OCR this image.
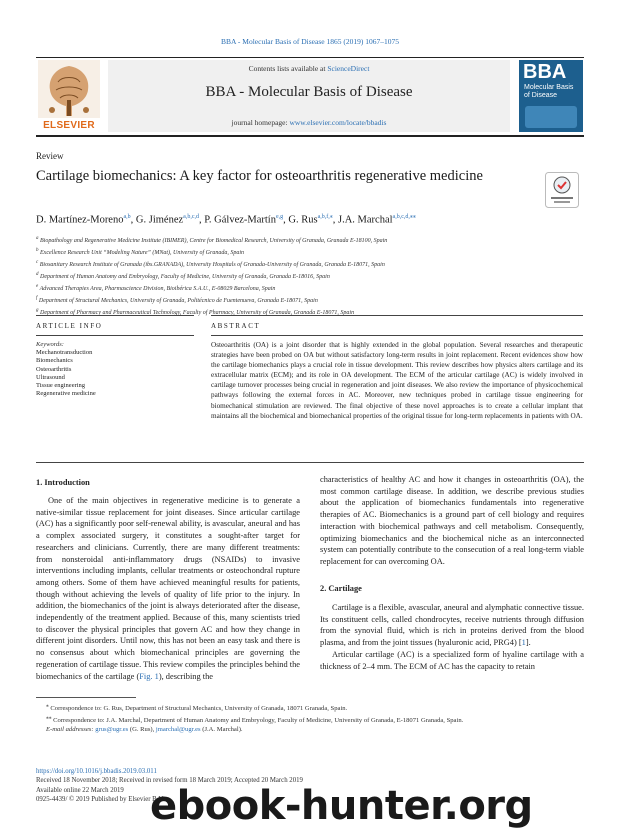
BBA - Molecular Basis of Disease 1865 (2019) 1067–1075
ELSEVIER
Contents lists available at ScienceDirect
BBA - Molecular Basis of Disease
journal homepage: www.elsevier.com/locate/bbadis
BBA
Molecular Basis of Disease
Review
Cartilage biomechanics: A key factor for osteoarthritis regenerative medicine
D. Martínez-Moreno$^{a,b}$, G. Jiménez$^{a,b,c,d}$, P. Gálvez-Martín$^{e,g}$, G. Rus$^{a,b,f,⁎}$, J.A. Marchal$^{a,b,c,d,⁎⁎}$
$^a$ Biopathology and Regenerative Medicine Institute (IBIMER), Centre for Biomedical Research, University of Granada, Granada E-18100, Spain
$^b$ Excellence Research Unit “Modeling Nature” (MNat), University of Granada, Spain
$^c$ Biosanitary Research Institute of Granada (ibs.GRANADA), University Hospitals of Granada-University of Granada, Granada E-18071, Spain
$^d$ Department of Human Anatomy and Embryology, Faculty of Medicine, University of Granada, Granada E-18016, Spain
$^e$ Advanced Therapies Area, Pharmascience Division, Bioibérica S.A.U., E-08029 Barcelona, Spain
$^f$ Department of Structural Mechanics, University of Granada, Politécnico de Fuentenueva, Granada E-18071, Spain
$^g$ Department of Pharmacy and Pharmaceutical Technology, Faculty of Pharmacy, University of Granada, Granada E-18071, Spain
ARTICLE INFO	ABSTRACT
Keywords:
Mechanotransduction
Biomechanics
Osteoarthritis
Ultrasound
Tissue engineering
Regenerative medicine
Osteoarthritis (OA) is a joint disorder that is highly extended in the global population. Several researches and therapeutic strategies have been probed on OA but without satisfactory long-term results in joint replacement. Recent evidences show how the cartilage biomechanics plays a crucial role in tissue development. This review describes how physics alters cartilage and its extracellular matrix (ECM); and its role in OA development. The ECM of the articular cartilage (AC) is widely involved in cartilage turnover processes being crucial in regeneration and joint diseases. We also review the importance of physicochemical pathways following the external forces in AC. Moreover, new techniques probed in cartilage tissue engineering for biomechanical stimulation are reviewed. The final objective of these novel approaches is to create a cellular implant that maintains all the biochemical and biomechanical properties of the original tissue for long-term replacements in patients with OA.
1. Introduction

One of the main objectives in regenerative medicine is to generate a native-similar tissue replacement for joint diseases. Since articular cartilage (AC) has a significantly poor self-renewal ability, is avascular, aneural and has a complex associated surgery, it constitutes a sought-after target for researchers and clinicians. Currently, there are many different treatments: from nonsteroidal anti-inflammatory drugs (NSAIDs) to invasive interventions including implants, cellular treatments or osteochondral rupture among others. Some of them have achieved meaningful results for patients, though without achieving the levels of quality of life prior to the injury. In addition, the biomechanics of the joint is always deteriorated after the disease, independently of the treatment applied. Because of this, many scientists tried to discover the physical principles that govern AC and how they change in different joint disorders. Until now, this has not been an easy task and there is no consensus about which biomechanical principles are governing the regeneration of cartilage tissue. This review compiles the principles behind the biomechanics of the cartilage (Fig. 1), describing the

characteristics of healthy AC and how it changes in osteoarthritis (OA), the most common cartilage disease. In addition, we describe previous studies about the application of biomechanics fundamentals into regenerative therapies of AC. Biomechanics is a ground part of cell biology and requires interaction with biochemical pathways and cell metabolism. Consequently, optimizing biomechanics and the biochemical niche as an interconnected system can potentially contribute to the consecution of a real long-term viable replacement for can overcoming OA.

2. Cartilage

Cartilage is a flexible, avascular, aneural and alymphatic connective tissue. Its constituent cells, called chondrocytes, receive nutrients through diffusion from the synovial fluid, which is rich in proteins derived from the blood plasma, and from the joint tissues (hyaluronic acid, PRG4) [1].

Articular cartilage (AC) is a specialized form of hyaline cartilage with a thickness of 2–4 mm. The ECM of AC has the capacity to retain

⁎ Correspondence to: G. Rus, Department of Structural Mechanics, University of Granada, 18071 Granada, Spain.

⁎⁎ Correspondence to: J.A. Marchal, Department of Human Anatomy and Embryology, Faculty of Medicine, University of Granada, E-18071 Granada, Spain.

E-mail addresses: grus@ugr.es (G. Rus), jmarchal@ugr.es (J.A. Marchal).

https://doi.org/10.1016/j.bbadis.2019.03.011

Received 18 November 2018; Received in revised form 18 March 2019; Accepted 20 March 2019

Available online 22 March 2019

0925-4439/ © 2019 Published by Elsevier B.V.

ebook-hunter.org
